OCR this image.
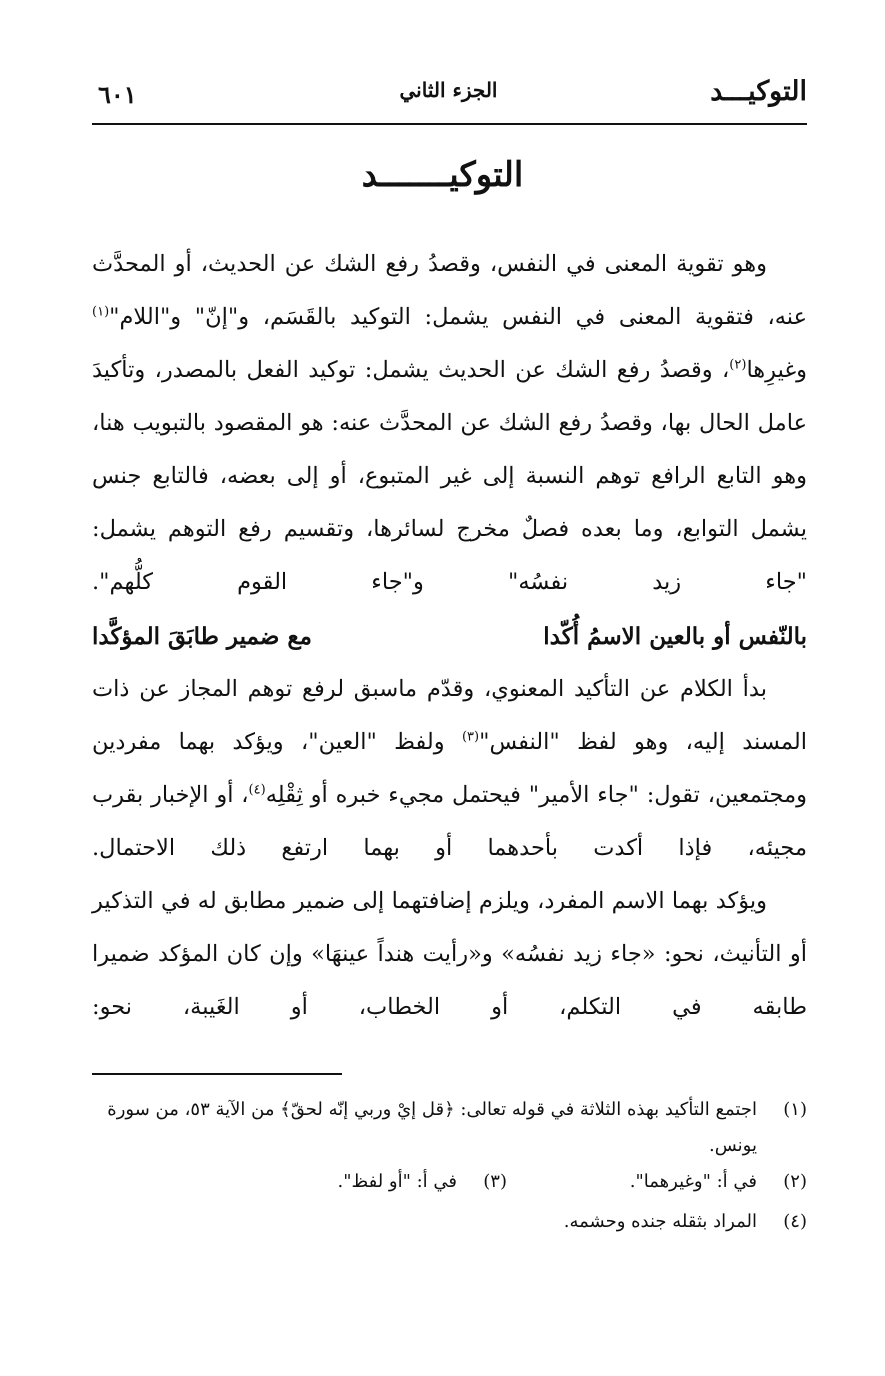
التوكيـــد
الجزء الثاني
٦٠١
التوكيـــــــد

وهو تقوية المعنى في النفس، وقصدُ رفع الشك عن الحديث، أو المحدَّث عنه، فتقوية المعنى في النفس يشمل: التوكيد بالقَسَم، و"إنّ" و"اللام"$^{(١)}$ وغيرِها$^{(٢)}$، وقصدُ رفع الشك عن الحديث يشمل: توكيد الفعل بالمصدر، وتأكيدَ عامل الحال بها، وقصدُ رفع الشك عن المحدَّث عنه: هو المقصود بالتبويب هنا، وهو التابع الرافع توهم النسبة إلى غير المتبوع، أو إلى بعضه، فالتابع جنس يشمل التوابع، وما بعده فصلٌ مخرج لسائرها، وتقسيم رفع التوهم يشمل: "جاء زيد نفسُه" و"جاء القوم كلُّهم".

بالنّفس أو بالعين الاسمُ أُكّدا
مع ضمير طابَقَ المؤكَّدا

بدأ الكلام عن التأكيد المعنوي، وقدّم ماسبق لرفع توهم المجاز عن ذات المسند إليه، وهو لفظ "النفس"$^{(٣)}$ ولفظ "العين"، ويؤكد بهما مفردين ومجتمعين، تقول: "جاء الأمير" فيحتمل مجيء خبره أو ثِقْلِه$^{(٤)}$، أو الإخبار بقرب مجيئه، فإذا أكدت بأحدهما أو بهما ارتفع ذلك الاحتمال.

ويؤكد بهما الاسم المفرد، ويلزم إضافتهما إلى ضمير مطابق له في التذكير أو التأنيث، نحو: «جاء زيد نفسُه» و«رأيت هنداً عينهَا» وإن كان المؤكد ضميرا طابقه في التكلم، أو الخطاب، أو الغَيبة، نحو:

(١)
اجتمع التأكيد بهذه الثلاثة في قوله تعالى: ﴿قل إيْ وربي إنّه لحقّ﴾ من الآية ٥٣، من سورة يونس.
(٢)
في أ: "وغيرهما".
(٣)
في أ: "أو لفظ".
(٤)
المراد بثقله جنده وحشمه.
